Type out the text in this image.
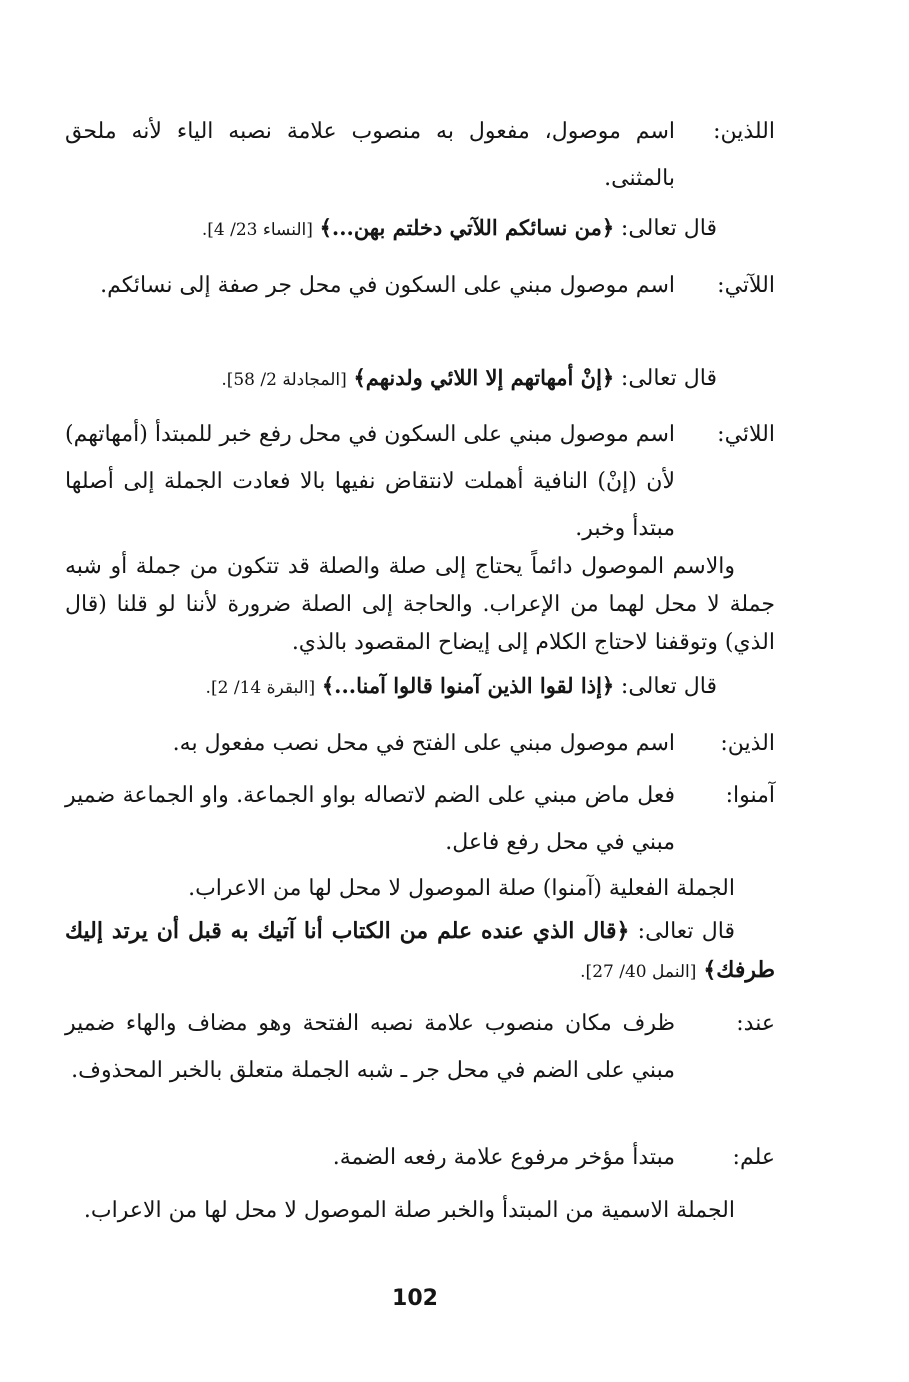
اللذين:
اسم موصول، مفعول به منصوب علامة نصبه الياء لأنه ملحق بالمثنى.
قال تعالى: ﴿من نسائكم اللآتي دخلتم بهن...﴾ [النساء 23/ 4].
اللآتي:
اسم موصول مبني على السكون في محل جر صفة إلى نسائكم.
قال تعالى: ﴿إنْ أمهاتهم إلا اللائي ولدنهم﴾ [المجادلة 2/ 58].
اللائي:
اسم موصول مبني على السكون في محل رفع خبر للمبتدأ (أمهاتهم) لأن (إنْ) النافية أهملت لانتقاض نفيها بالا فعادت الجملة إلى أصلها مبتدأ وخبر.
والاسم الموصول دائماً يحتاج إلى صلة والصلة قد تتكون من جملة أو شبه جملة لا محل لهما من الإعراب. والحاجة إلى الصلة ضرورة لأننا لو قلنا (قال الذي) وتوقفنا لاحتاج الكلام إلى إيضاح المقصود بالذي.
قال تعالى: ﴿إذا لقوا الذين آمنوا قالوا آمنا...﴾ [البقرة 14/ 2].
الذين:
اسم موصول مبني على الفتح في محل نصب مفعول به.
آمنوا:
فعل ماض مبني على الضم لاتصاله بواو الجماعة. واو الجماعة ضمير مبني في محل رفع فاعل.
الجملة الفعلية (آمنوا) صلة الموصول لا محل لها من الاعراب.
قال تعالى: ﴿قال الذي عنده علم من الكتاب أنا آتيك به قبل أن يرتد إليك طرفك﴾ [النمل 40/ 27].
عند:
ظرف مكان منصوب علامة نصبه الفتحة وهو مضاف والهاء ضمير مبني على الضم في محل جر ـ شبه الجملة متعلق بالخبر المحذوف.
علم:
مبتدأ مؤخر مرفوع علامة رفعه الضمة.
الجملة الاسمية من المبتدأ والخبر صلة الموصول لا محل لها من الاعراب.
102
